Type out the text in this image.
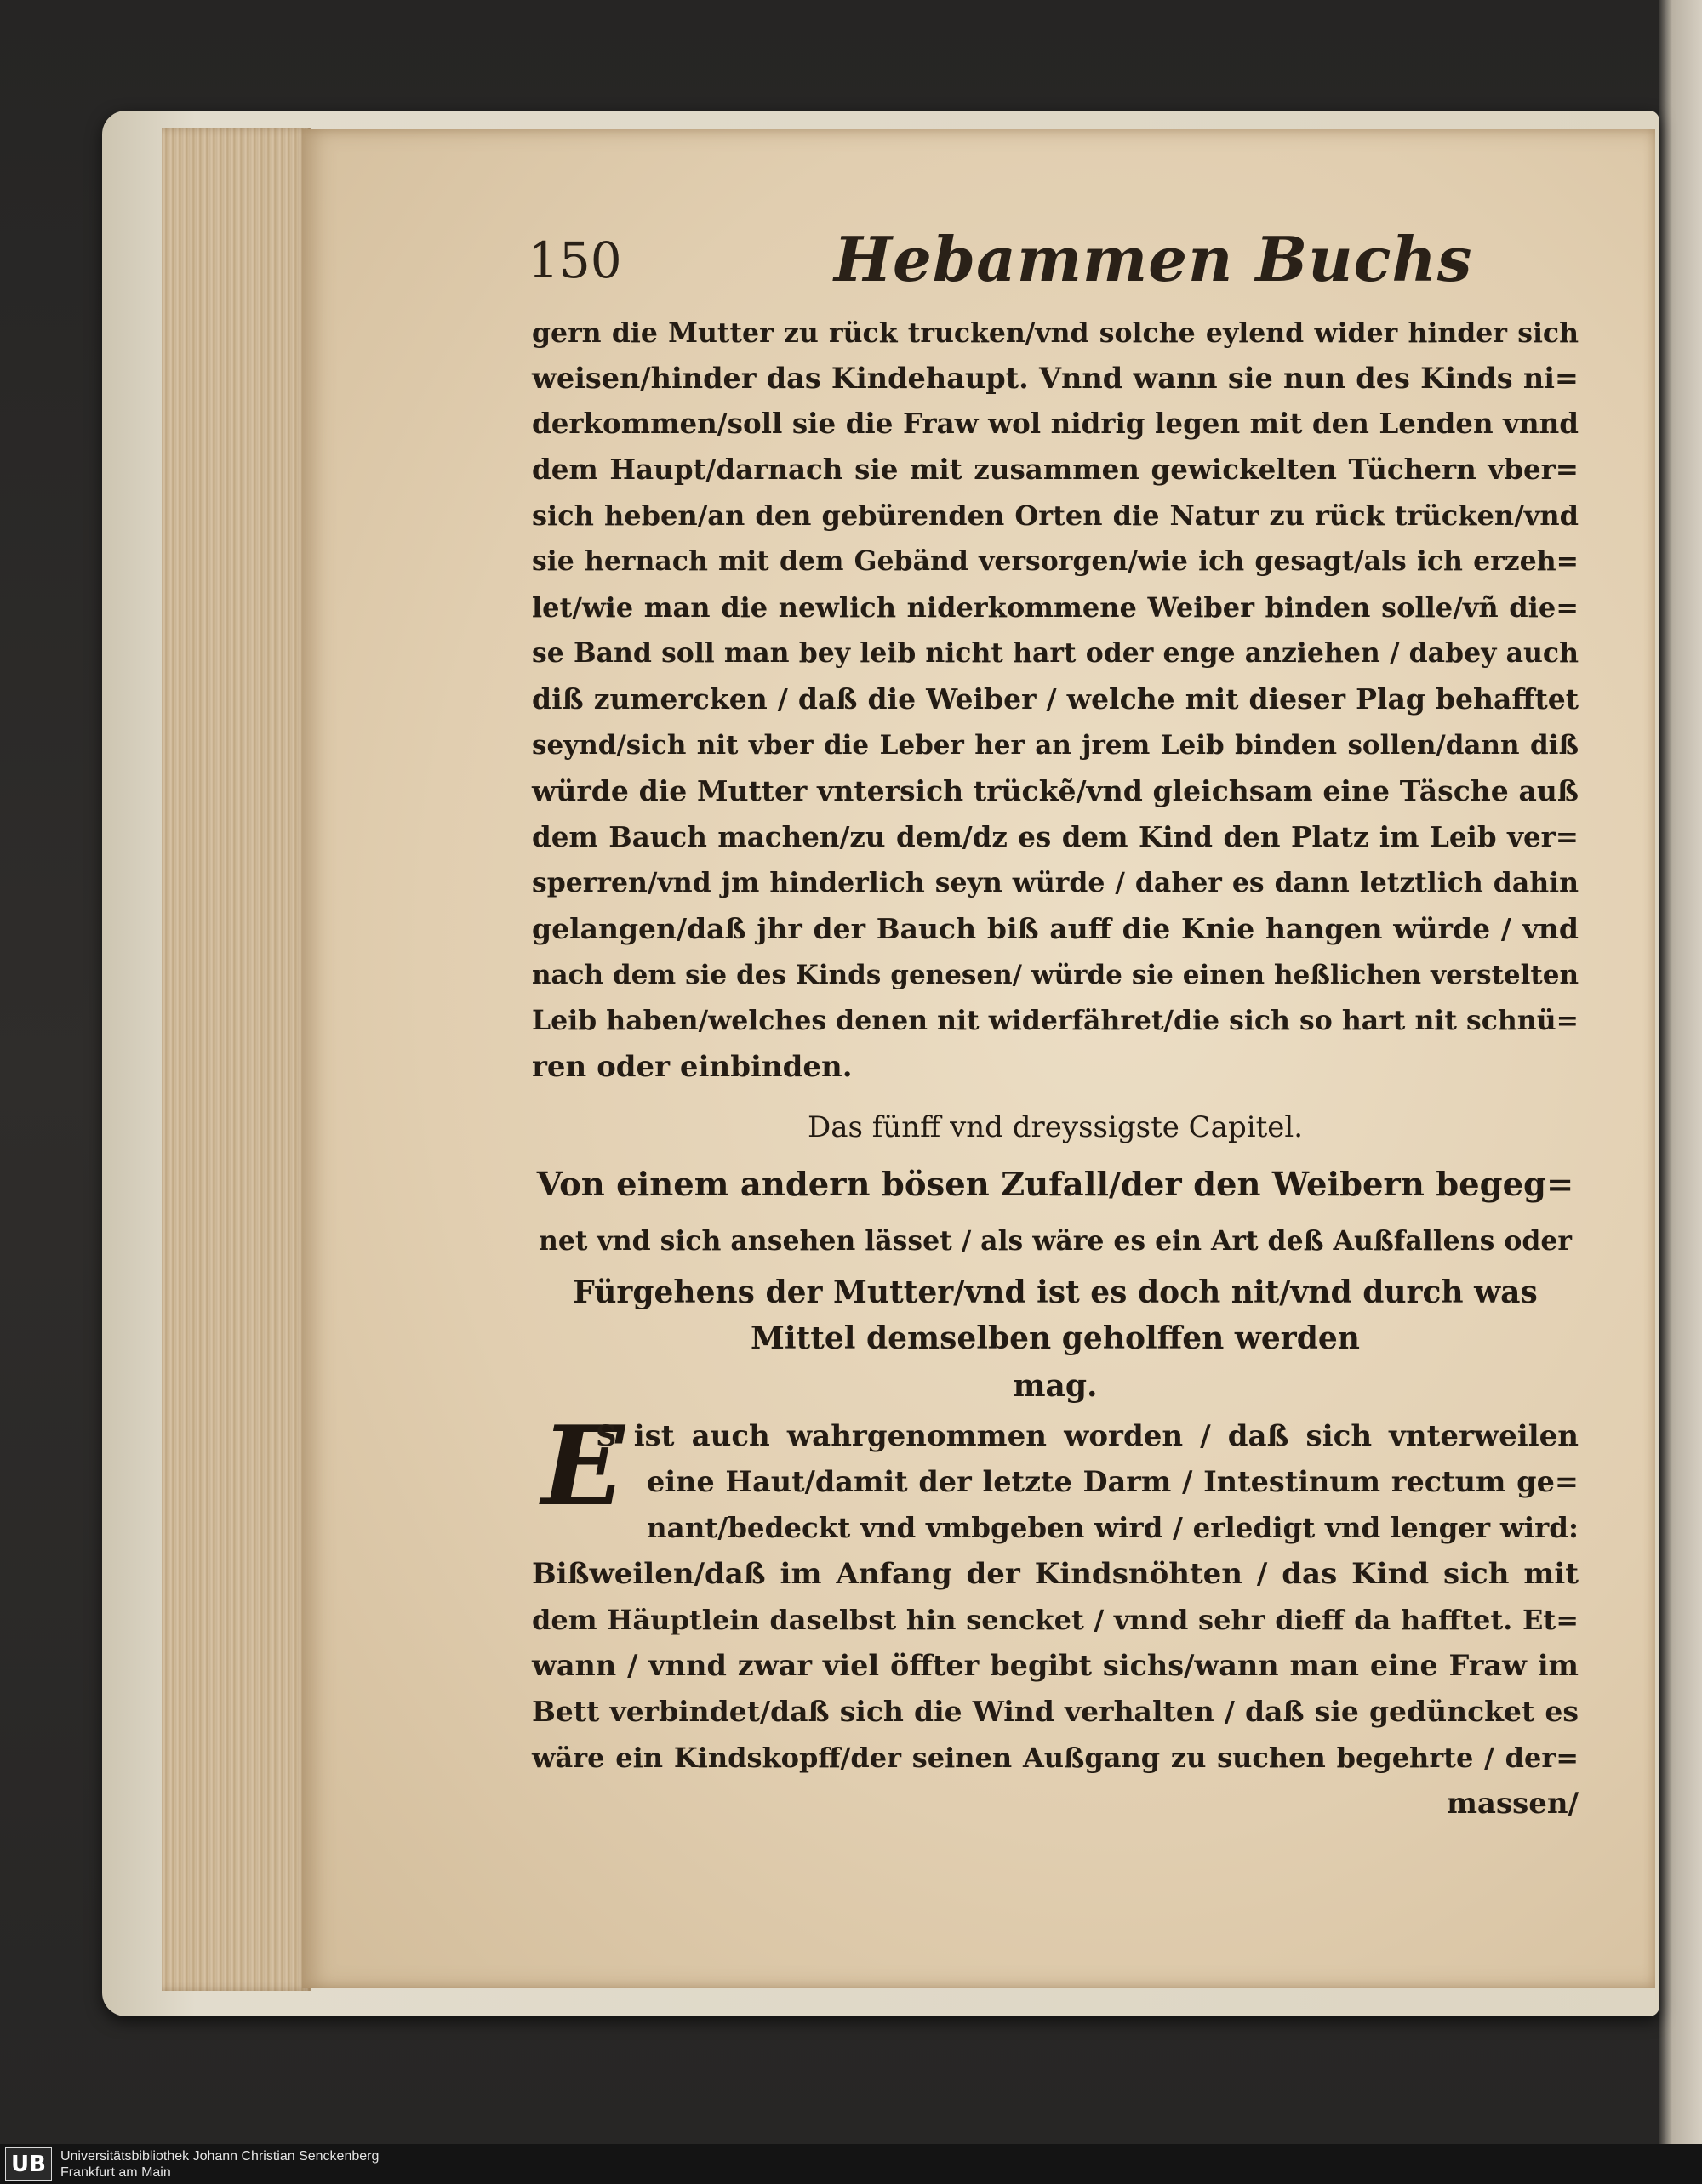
150	Hebammen Buchs
gern die Mutter zu rück trucken/vnd solche eylend wider hinder sich
weisen/hinder das Kindehaupt. Vnnd wann sie nun des Kinds ni=
derkommen/soll sie die Fraw wol nidrig legen mit den Lenden vnnd
dem Haupt/darnach sie mit zusammen gewickelten Tüchern vber=
sich heben/an den gebürenden Orten die Natur zu rück trücken/vnd
sie hernach mit dem Gebänd versorgen/wie ich gesagt/als ich erzeh=
let/wie man die newlich niderkommene Weiber binden solle/vñ die=
se Band soll man bey leib nicht hart oder enge anziehen / dabey auch
diß zumercken / daß die Weiber / welche mit dieser Plag behafftet
seynd/sich nit vber die Leber her an jrem Leib binden sollen/dann diß
würde die Mutter vntersich trückẽ/vnd gleichsam eine Täsche auß
dem Bauch machen/zu dem/dz es dem Kind den Platz im Leib ver=
sperren/vnd jm hinderlich seyn würde / daher es dann letztlich dahin
gelangen/daß jhr der Bauch biß auff die Knie hangen würde / vnd
nach dem sie des Kinds genesen/ würde sie einen heßlichen verstelten
Leib haben/welches denen nit widerfähret/die sich so hart nit schnü=
ren oder einbinden.
Das fünff vnd dreyssigste Capitel.
Von einem andern bösen Zufall/der den Weibern begeg=
net vnd sich ansehen lässet / als wäre es ein Art deß Außfallens oder
Fürgehens der Mutter/vnd ist es doch nit/vnd durch was
Mittel demselben geholffen werden
mag.
E
S ist auch wahrgenommen worden / daß sich vnterweilen
eine Haut/damit der letzte Darm / Intestinum rectum ge=
nant/bedeckt vnd vmbgeben wird / erledigt vnd lenger wird:
Bißweilen/daß im Anfang der Kindsnöhten / das Kind sich mit
dem Häuptlein daselbst hin sencket / vnnd sehr dieff da hafftet. Et=
wann / vnnd zwar viel öffter begibt sichs/wann man eine Fraw im
Bett verbindet/daß sich die Wind verhalten / daß sie gedüncket es
wäre ein Kindskopff/der seinen Außgang zu suchen begehrte / der=
massen/
UB Universitätsbibliothek Johann Christian Senckenberg
Frankfurt am Main
